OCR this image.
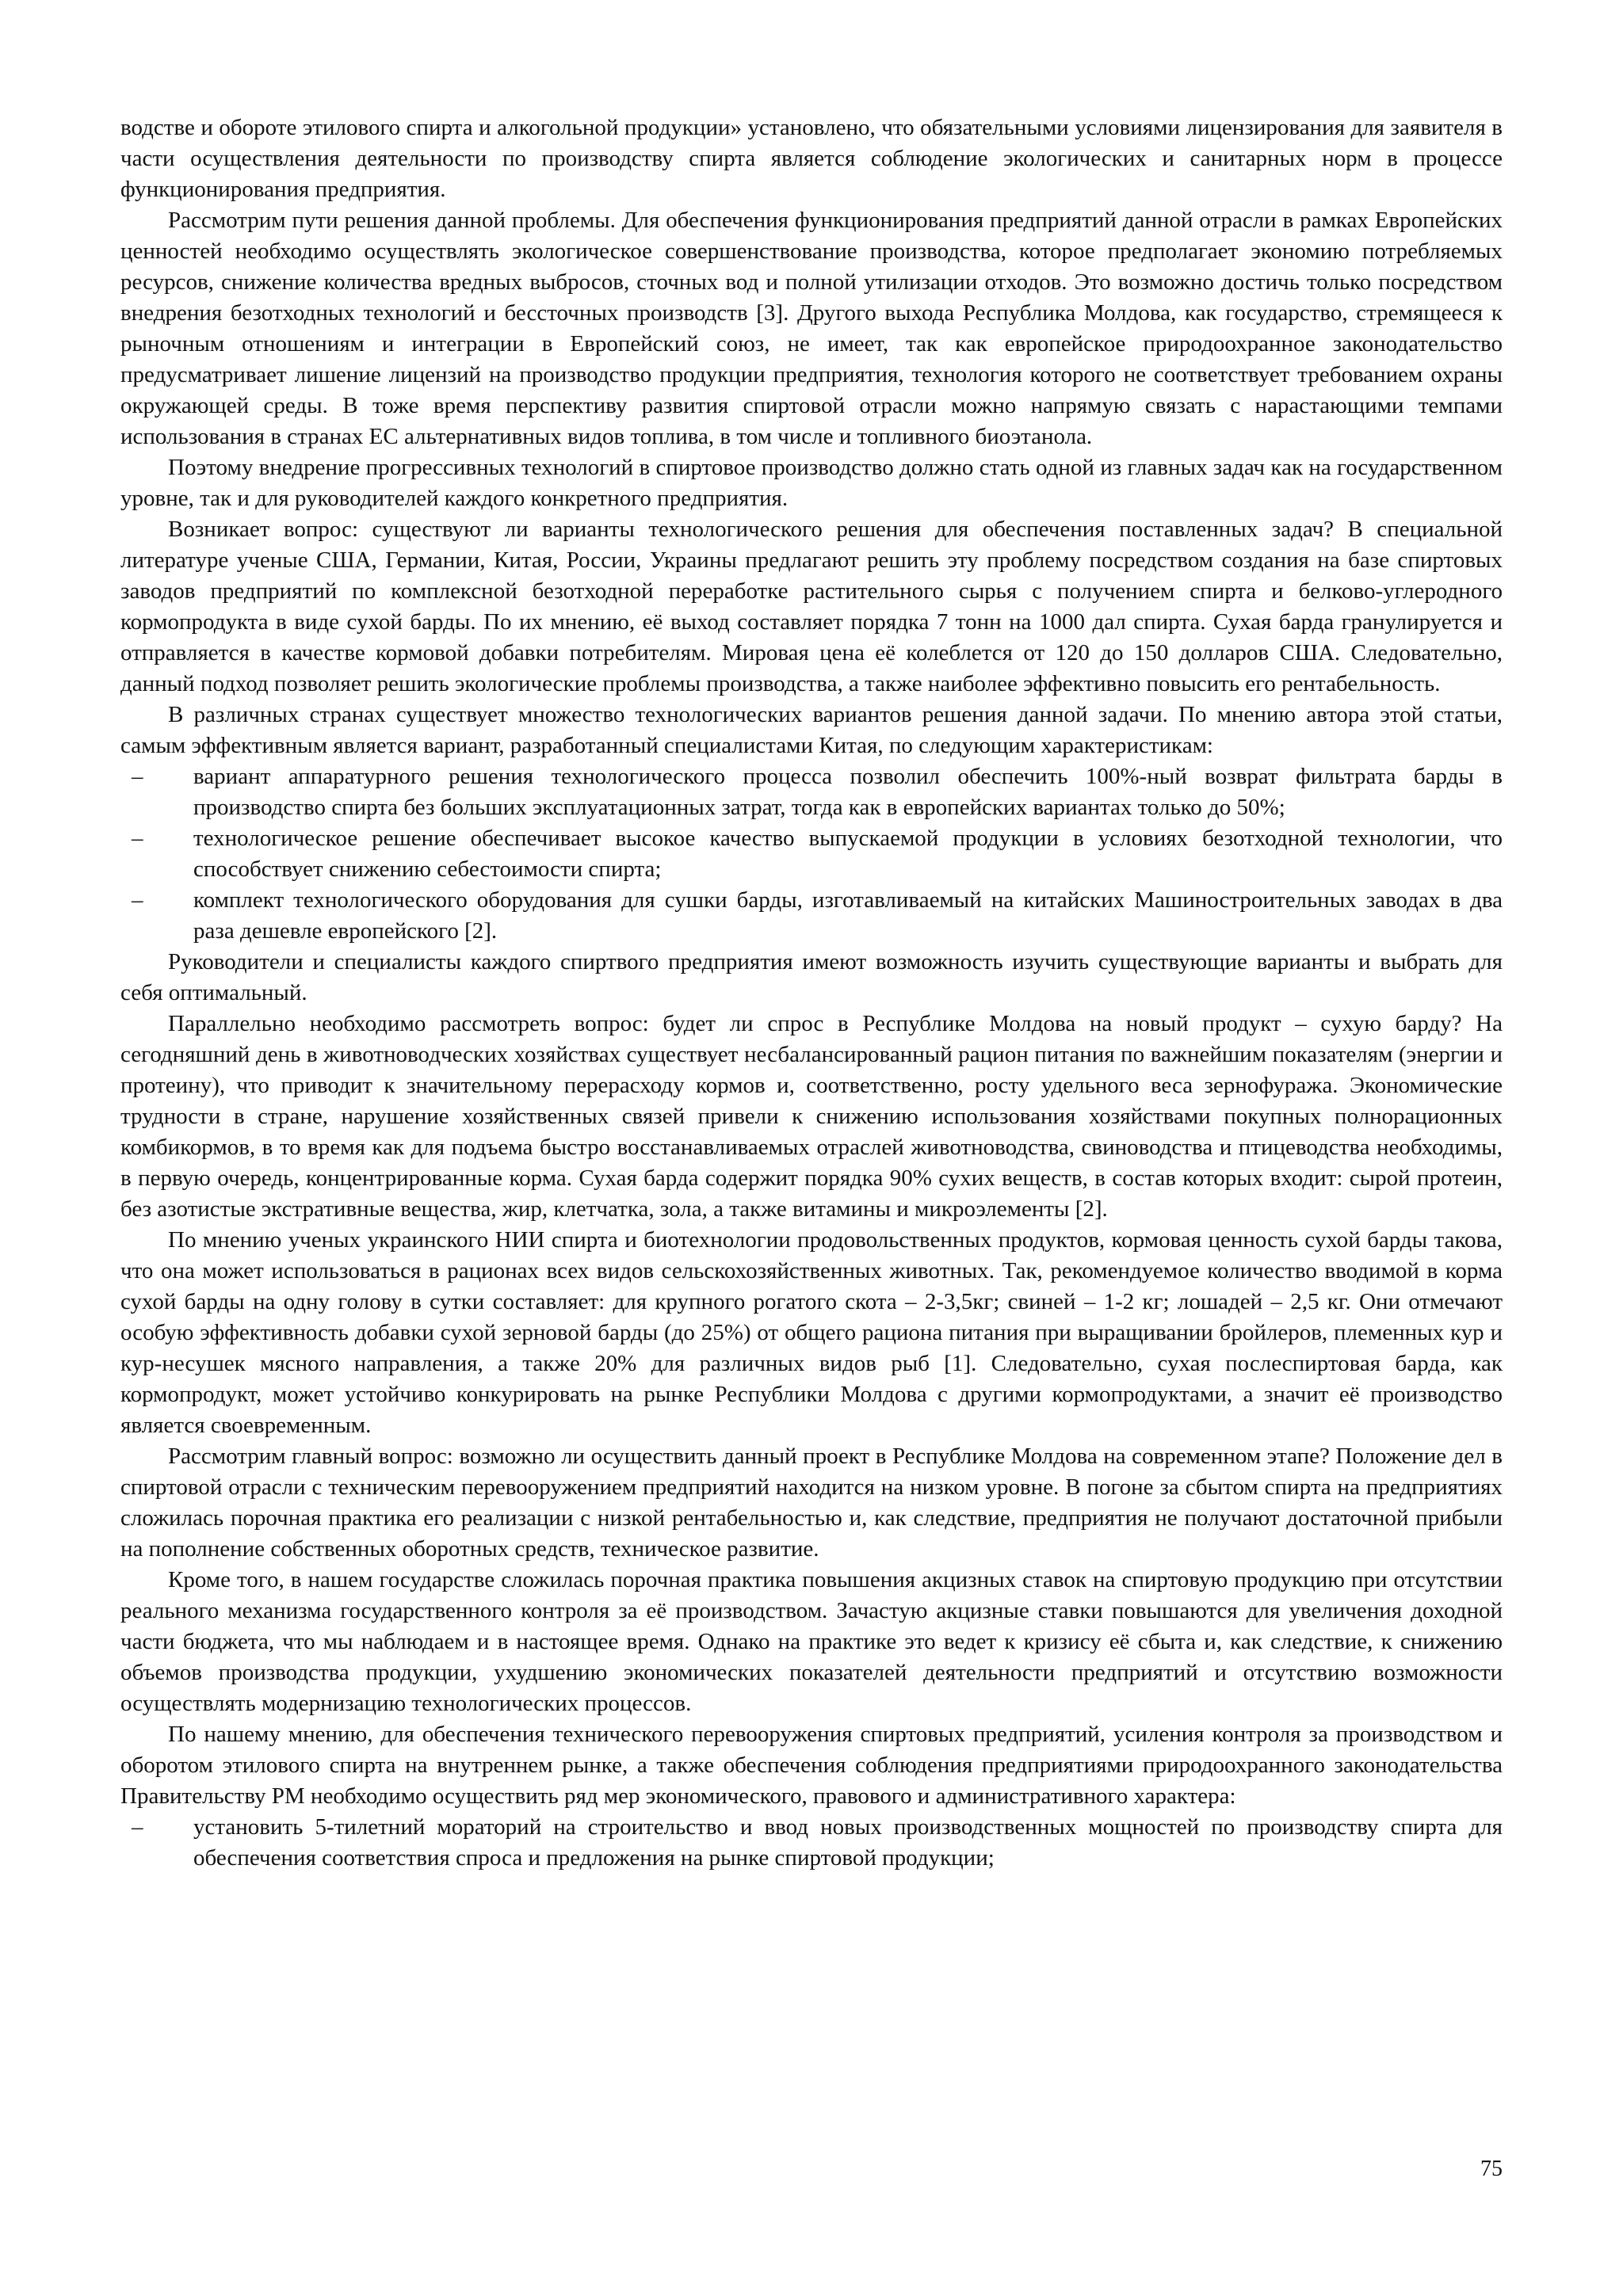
водстве и обороте этилового спирта и алкогольной продукции» установлено, что обязательными условиями лицензирования для заявителя в части осуществления деятельности по производству спирта является соблюдение экологических и санитарных норм в процессе функционирования предприятия.

Рассмотрим пути решения данной проблемы. Для обеспечения функционирования предприятий данной отрасли в рамках Европейских ценностей необходимо осуществлять экологическое совершенствование производства, которое предполагает экономию потребляемых ресурсов, снижение количества вредных выбросов, сточных вод и полной утилизации отходов. Это возможно достичь только посредством внедрения безотходных технологий и бессточных производств [3]. Другого выхода Республика Молдова, как государство, стремящееся к рыночным отношениям и интеграции в Европейский союз, не имеет, так как европейское природоохранное законодательство предусматривает лишение лицензий на производство продукции предприятия, технология которого не соответствует требованием охраны окружающей среды. В тоже время перспективу развития спиртовой отрасли можно напрямую связать с нарастающими темпами использования в странах ЕС альтернативных видов топлива, в том числе и топливного биоэтанола.

Поэтому внедрение прогрессивных технологий в спиртовое производство должно стать одной из главных задач как на государственном уровне, так и для руководителей каждого конкретного предприятия.

Возникает вопрос: существуют ли варианты технологического решения для обеспечения поставленных задач? В специальной литературе ученые США, Германии, Китая, России, Украины предлагают решить эту проблему посредством создания на базе спиртовых заводов предприятий по комплексной безотходной переработке растительного сырья с получением спирта и белково-углеродного кормопродукта в виде сухой барды. По их мнению, её выход составляет порядка 7 тонн на 1000 дал спирта. Сухая барда гранулируется и отправляется в качестве кормовой добавки потребителям. Мировая цена её колеблется от 120 до 150 долларов США. Следовательно, данный подход позволяет решить экологические проблемы производства, а также наиболее эффективно повысить его рентабельность.

В различных странах существует множество технологических вариантов решения данной задачи. По мнению автора этой статьи, самым эффективным является вариант, разработанный специалистами Китая, по следующим характеристикам:

– вариант аппаратурного решения технологического процесса позволил обеспечить 100%-ный возврат фильтрата барды в производство спирта без больших эксплуатационных затрат, тогда как в европейских вариантах только до 50%;
– технологическое решение обеспечивает высокое качество выпускаемой продукции в условиях безотходной технологии, что способствует снижению себестоимости спирта;
– комплект технологического оборудования для сушки барды, изготавливаемый на китайских Машиностроительных заводах в два раза дешевле европейского [2].

Руководители и специалисты каждого спиртвого предприятия имеют возможность изучить существующие варианты и выбрать для себя оптимальный.

Параллельно необходимо рассмотреть вопрос: будет ли спрос в Республике Молдова на новый продукт – сухую барду? На сегодняшний день в животноводческих хозяйствах существует несбалансированный рацион питания по важнейшим показателям (энергии и протеину), что приводит к значительному перерасходу кормов и, соответственно, росту удельного веса зернофуража. Экономические трудности в стране, нарушение хозяйственных связей привели к снижению использования хозяйствами покупных полнорационных комбикормов, в то время как для подъема быстро восстанавливаемых отраслей животноводства, свиноводства и птицеводства необходимы, в первую очередь, концентрированные корма. Сухая барда содержит порядка 90% сухих веществ, в состав которых входит: сырой протеин, без азотистые экстративные вещества, жир, клетчатка, зола, а также витамины и микроэлементы [2].

По мнению ученых украинского НИИ спирта и биотехнологии продовольственных продуктов, кормовая ценность сухой барды такова, что она может использоваться в рационах всех видов сельскохозяйственных животных. Так, рекомендуемое количество вводимой в корма сухой барды на одну голову в сутки составляет: для крупного рогатого скота – 2-3,5кг; свиней – 1-2 кг; лошадей – 2,5 кг. Они отмечают особую эффективность добавки сухой зерновой барды (до 25%) от общего рациона питания при выращивании бройлеров, племенных кур и кур-несушек мясного направления, а также 20% для различных видов рыб [1]. Следовательно, сухая послеспиртовая барда, как кормопродукт, может устойчиво конкурировать на рынке Республики Молдова с другими кормопродуктами, а значит её производство является своевременным.

Рассмотрим главный вопрос: возможно ли осуществить данный проект в Республике Молдова на современном этапе? Положение дел в спиртовой отрасли с техническим перевооружением предприятий находится на низком уровне. В погоне за сбытом спирта на предприятиях сложилась порочная практика его реализации с низкой рентабельностью и, как следствие, предприятия не получают достаточной прибыли на пополнение собственных оборотных средств, техническое развитие.

Кроме того, в нашем государстве сложилась порочная практика повышения акцизных ставок на спиртовую продукцию при отсутствии реального механизма государственного контроля за её производством. Зачастую акцизные ставки повышаются для увеличения доходной части бюджета, что мы наблюдаем и в настоящее время. Однако на практике это ведет к кризису её сбыта и, как следствие, к снижению объемов производства продукции, ухудшению экономических показателей деятельности предприятий и отсутствию возможности осуществлять модернизацию технологических процессов.

По нашему мнению, для обеспечения технического перевооружения спиртовых предприятий, усиления контроля за производством и оборотом этилового спирта на внутреннем рынке, а также обеспечения соблюдения предприятиями природоохранного законодательства Правительству РМ необходимо осуществить ряд мер экономического, правового и административного характера:

– установить 5-тилетний мораторий на строительство и ввод новых производственных мощностей по производству спирта для обеспечения соответствия спроса и предложения на рынке спиртовой продукции;
75
